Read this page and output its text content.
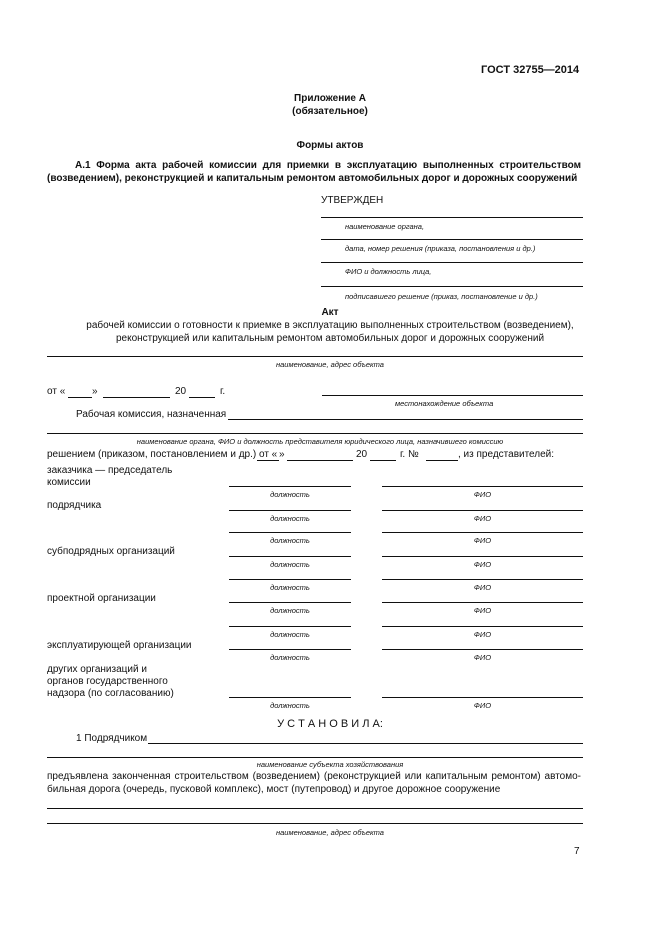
ГОСТ 32755—2014
Приложение А
(обязательное)
Формы актов
А.1 Форма акта рабочей комиссии для приемки в эксплуатацию выполненных строительством
(возведением), реконструкцией и капитальным ремонтом автомобильных дорог и дорожных сооружений
УТВЕРЖДЕН
наименование органа,
дата, номер решения (приказа, постановления и др.)
ФИО и должность лица,
подписавшего решение (приказ, постановление и др.)
Акт
рабочей комиссии о готовности к приемке в эксплуатацию выполненных строительством (возведением),
реконструкцией или капитальным ремонтом автомобильных дорог и дорожных сооружений
наименование, адрес объекта
от «	»	20	г.
местонахождение объекта
Рабочая комиссия, назначенная
наименование органа, ФИО и должность представителя юридического лица, назначившего комиссию
решением (приказом, постановлением и др.) от « »	20	г. №	, из представителей:
заказчика — председатель
комиссии
должность	ФИО
подрядчика
должность	ФИО
должность	ФИО
субподрядных организаций
должность	ФИО
должность	ФИО
проектной организации
должность	ФИО
должность	ФИО
эксплуатирующей организации
должность	ФИО
других организаций и
органов государственного
надзора (по согласованию)
должность	ФИО
У С Т А Н О В И Л А:
1 Подрядчиком
наименование субъекта хозяйствования
предъявлена законченная строительством (возведением) (реконструкцией или капитальным ремонтом) автомо-
бильная дорога (очередь, пусковой комплекс), мост (путепровод) и другое дорожное сооружение
наименование, адрес объекта
7
